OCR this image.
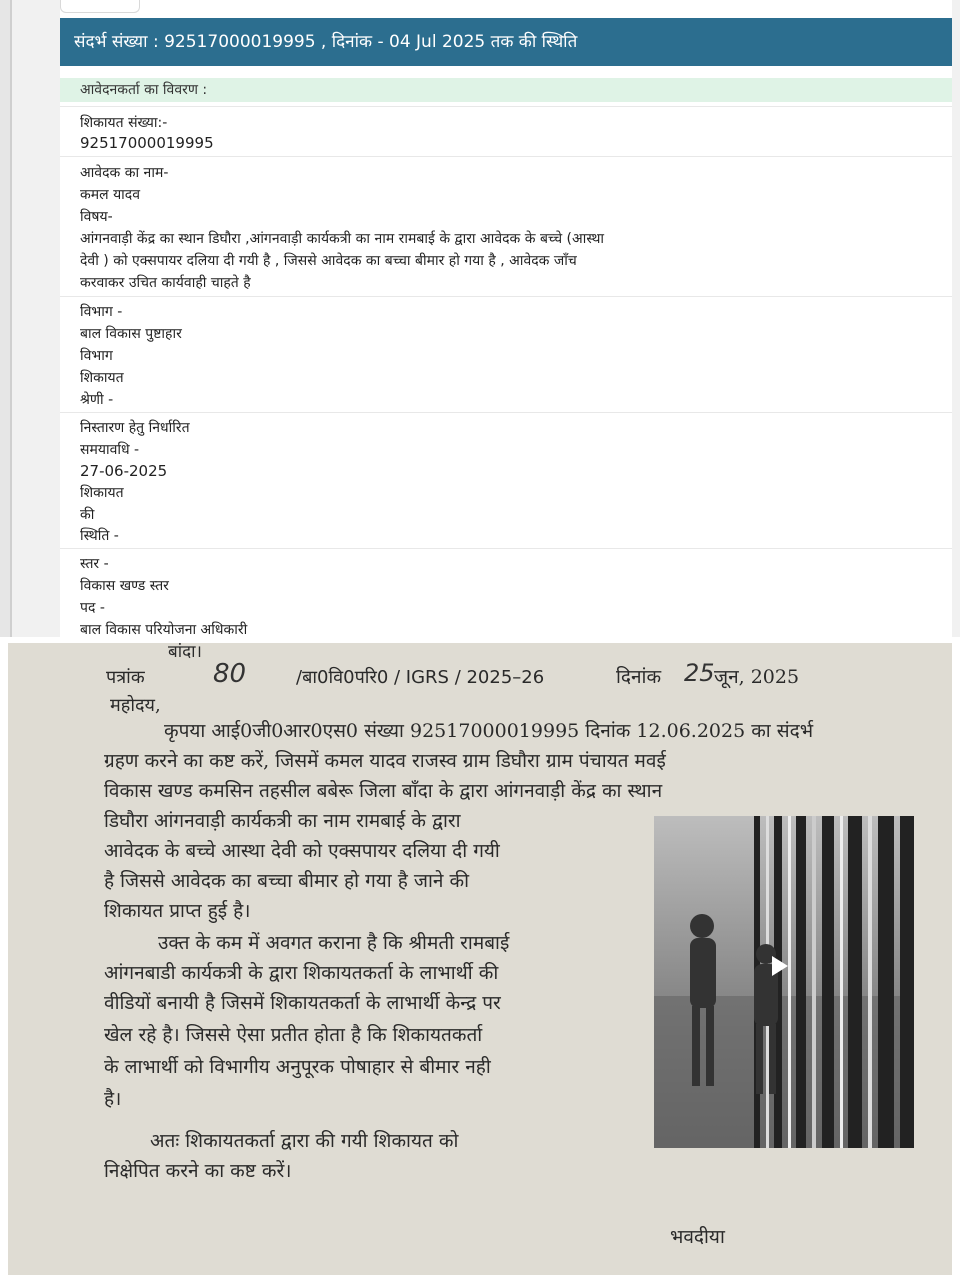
संदर्भ संख्या : 92517000019995 , दिनांक - 04 Jul 2025 तक की स्थिति
आवेदनकर्ता का विवरण :
शिकायत संख्या:-
92517000019995
आवेदक का नाम-
कमल यादव
विषय-
आंगनवाड़ी केंद्र का स्थान डिघौरा ,आंगनवाड़ी कार्यकत्री का नाम रामबाई के द्वारा आवेदक के बच्चे (आस्था
देवी ) को एक्सपायर दलिया दी गयी है , जिससे आवेदक का बच्चा बीमार हो गया है , आवेदक जाँच
करवाकर उचित कार्यवाही चाहते है
विभाग -
बाल विकास पुष्टाहार
विभाग
शिकायत
श्रेणी -
निस्तारण हेतु निर्धारित
समयावधि -
27-06-2025
शिकायत
की
स्थिति -
स्तर -
विकास खण्ड स्तर
पद -
बाल विकास परियोजना अधिकारी
बांदा।
पत्रांक	80	/बा0वि0परि0 / IGRS / 2025–26	दिनांक 25 जून, 2025
महोदय,
कृपया आई0जी0आर0एस0 संख्या 92517000019995 दिनांक 12.06.2025 का संदर्भ
ग्रहण करने का कष्ट करें, जिसमें कमल यादव राजस्व ग्राम डिघौरा ग्राम पंचायत मवई
विकास खण्ड कमसिन तहसील बबेरू जिला बाँदा के द्वारा आंगनवाड़ी केंद्र का स्थान
डिघौरा आंगनवाड़ी कार्यकत्री का नाम रामबाई के द्वारा
आवेदक के बच्चे आस्था देवी को एक्सपायर दलिया दी गयी
है जिससे आवेदक का बच्चा बीमार हो गया है जाने की
शिकायत प्राप्त हुई है।
उक्त के कम में अवगत कराना है कि श्रीमती रामबाई
आंगनबाडी कार्यकत्री के द्वारा शिकायतकर्ता के लाभार्थी की
वीडियों बनायी है जिसमें शिकायतकर्ता के लाभार्थी केन्द्र पर
खेल रहे है। जिससे ऐसा प्रतीत होता है कि शिकायतकर्ता
के लाभार्थी को विभागीय अनुपूरक पोषाहार से बीमार नही
है।
अतः शिकायतकर्ता द्वारा की गयी शिकायत को
निक्षेपित करने का कष्ट करें।
भवदीया
